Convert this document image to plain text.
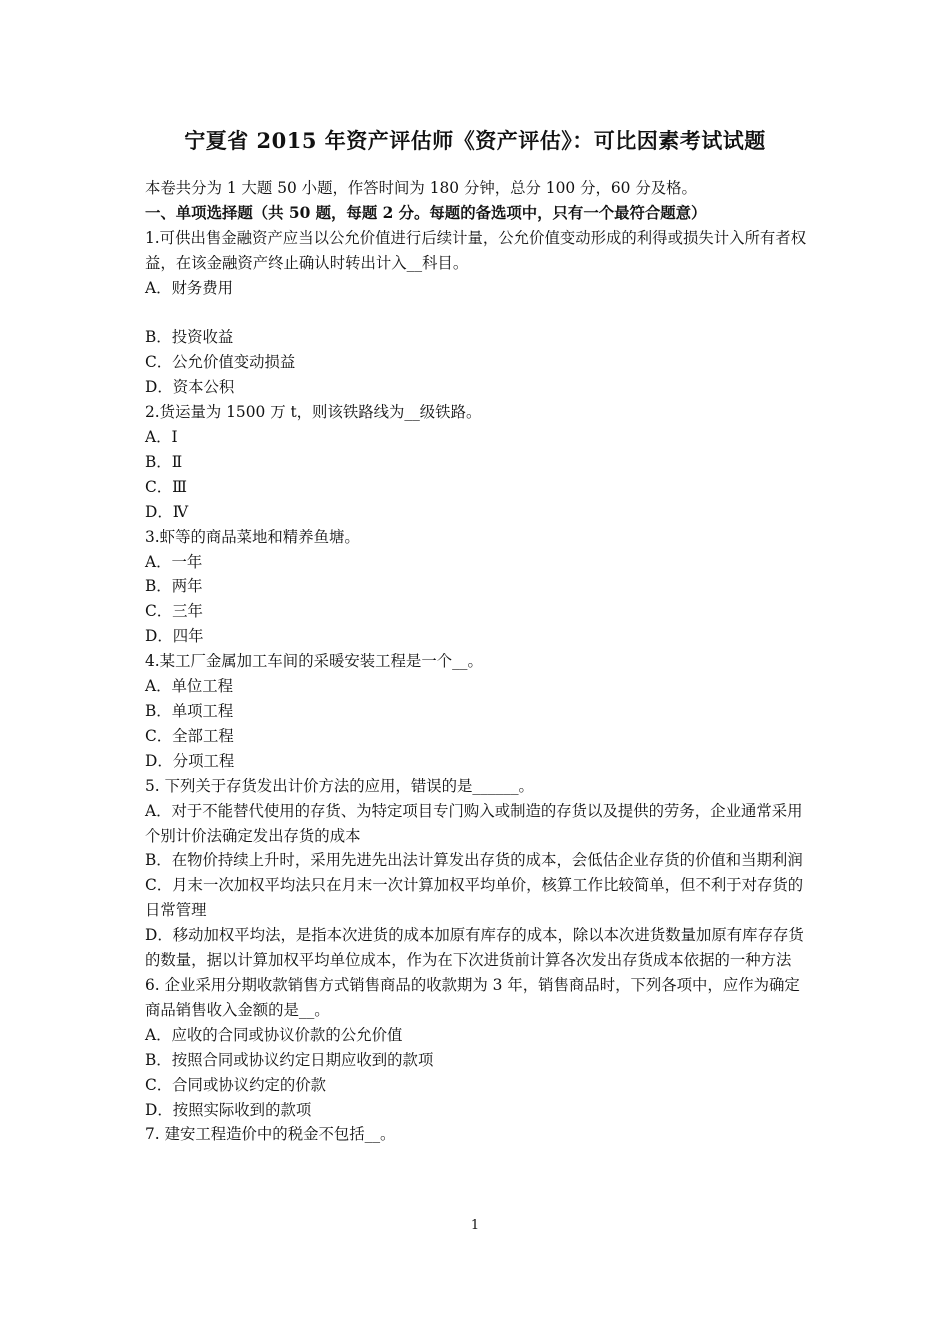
宁夏省 2015 年资产评估师《资产评估》：可比因素考试试题

本卷共分为 1 大题 50 小题，作答时间为 180 分钟，总分 100 分，60 分及格。

一、单项选择题（共 50 题，每题 2 分。每题的备选项中，只有一个最符合题意）

1.可供出售金融资产应当以公允价值进行后续计量，公允价值变动形成的利得或损失计入所有者权益，在该金融资产终止确认时转出计入__科目。

A．财务费用

B．投资收益

C．公允价值变动损益

D．资本公积

2.货运量为 1500 万 t，则该铁路线为__级铁路。

A．Ⅰ

B．Ⅱ

C．Ⅲ

D．Ⅳ

3.虾等的商品菜地和精养鱼塘。

A．一年

B．两年

C．三年

D．四年

4.某工厂金属加工车间的采暖安装工程是一个__。

A．单位工程

B．单项工程

C．全部工程

D．分项工程

5. 下列关于存货发出计价方法的应用，错误的是______。

A．对于不能替代使用的存货、为特定项目专门购入或制造的存货以及提供的劳务，企业通常采用个别计价法确定发出存货的成本

B．在物价持续上升时，采用先进先出法计算发出存货的成本，会低估企业存货的价值和当期利润

C．月末一次加权平均法只在月末一次计算加权平均单价，核算工作比较简单，但不利于对存货的日常管理

D．移动加权平均法，是指本次进货的成本加原有库存的成本，除以本次进货数量加原有库存存货的数量，据以计算加权平均单位成本，作为在下次进货前计算各次发出存货成本依据的一种方法

6. 企业采用分期收款销售方式销售商品的收款期为 3 年，销售商品时，下列各项中，应作为确定商品销售收入金额的是__。

A．应收的合同或协议价款的公允价值

B．按照合同或协议约定日期应收到的款项

C．合同或协议约定的价款

D．按照实际收到的款项

7. 建安工程造价中的税金不包括__。

1
